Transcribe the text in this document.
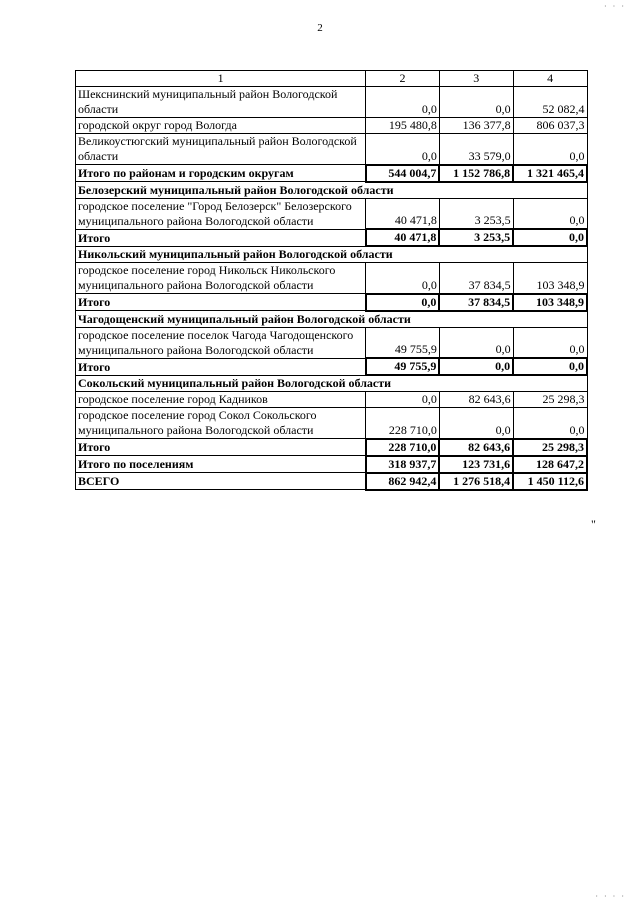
2
· · ·
1	2	3	4
Шекснинский муниципальный район Вологодской области	0,0	0,0	52 082,4
городской округ город Вологда	195 480,8	136 377,8	806 037,3
Великоустюгский муниципальный район Вологодской области	0,0	33 579,0	0,0
Итого по районам и городским округам	544 004,7	1 152 786,8	1 321 465,4
Белозерский муниципальный район Вологодской области			
городское поселение "Город Белозерск" Белозерского муниципального района Вологодской области	40 471,8	3 253,5	0,0
Итого	40 471,8	3 253,5	0,0
Никольский муниципальный район Вологодской области			
городское поселение город Никольск Никольского муниципального района Вологодской области	0,0	37 834,5	103 348,9
Итого	0,0	37 834,5	103 348,9
Чагодощенский муниципальный район Вологодской области			
городское поселение поселок Чагода Чагодощенского муниципального района Вологодской области	49 755,9	0,0	0,0
Итого	49 755,9	0,0	0,0
Сокольский муниципальный район Вологодской области			
городское поселение город Кадников	0,0	82 643,6	25 298,3
городское поселение город Сокол Сокольского муниципального района Вологодской области	228 710,0	0,0	0,0
Итого	228 710,0	82 643,6	25 298,3
Итого по поселениям	318 937,7	123 731,6	128 647,2
ВСЕГО	862 942,4	1 276 518,4	1 450 112,6
"
· · · ·
